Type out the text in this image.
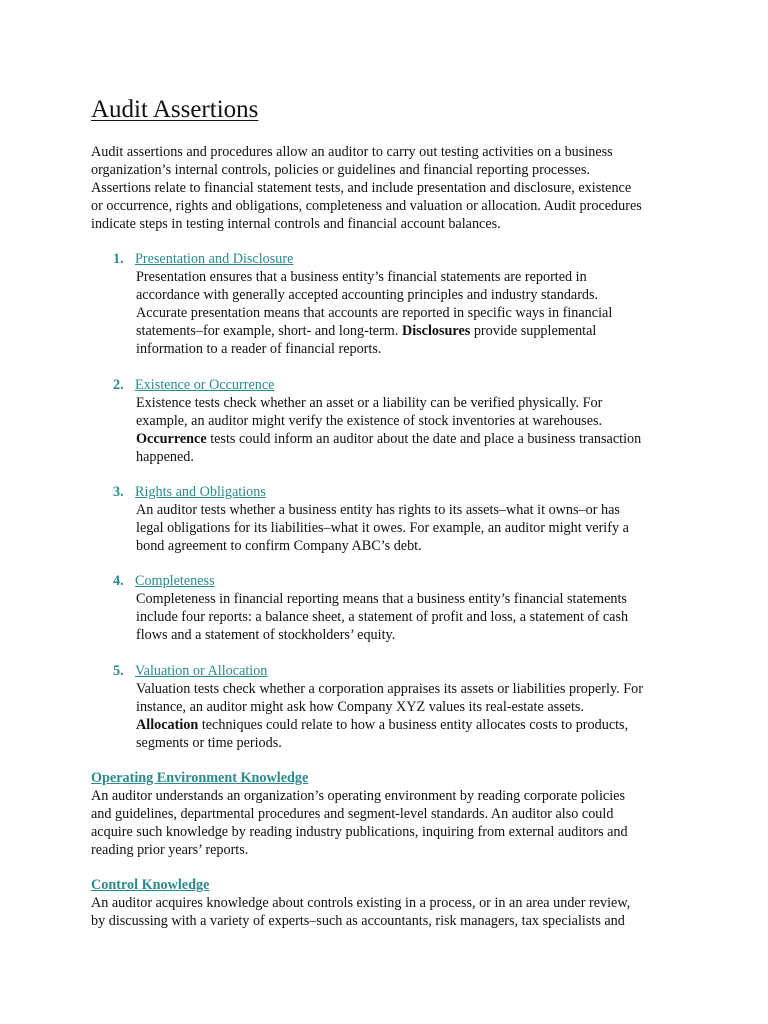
Audit Assertions
Audit assertions and procedures allow an auditor to carry out testing activities on a business
organization’s internal controls, policies or guidelines and financial reporting processes.
Assertions relate to financial statement tests, and include presentation and disclosure, existence
or occurrence, rights and obligations, completeness and valuation or allocation. Audit procedures
indicate steps in testing internal controls and financial account balances.
1. Presentation and Disclosure
Presentation ensures that a business entity’s financial statements are reported in
accordance with generally accepted accounting principles and industry standards.
Accurate presentation means that accounts are reported in specific ways in financial
statements–for example, short- and long-term. Disclosures provide supplemental
information to a reader of financial reports.
2. Existence or Occurrence
Existence tests check whether an asset or a liability can be verified physically. For
example, an auditor might verify the existence of stock inventories at warehouses.
Occurrence tests could inform an auditor about the date and place a business transaction
happened.
3. Rights and Obligations
An auditor tests whether a business entity has rights to its assets–what it owns–or has
legal obligations for its liabilities–what it owes. For example, an auditor might verify a
bond agreement to confirm Company ABC’s debt.
4. Completeness
Completeness in financial reporting means that a business entity’s financial statements
include four reports: a balance sheet, a statement of profit and loss, a statement of cash
flows and a statement of stockholders’ equity.
5. Valuation or Allocation
Valuation tests check whether a corporation appraises its assets or liabilities properly. For
instance, an auditor might ask how Company XYZ values its real-estate assets.
Allocation techniques could relate to how a business entity allocates costs to products,
segments or time periods.
Operating Environment Knowledge
An auditor understands an organization’s operating environment by reading corporate policies
and guidelines, departmental procedures and segment-level standards. An auditor also could
acquire such knowledge by reading industry publications, inquiring from external auditors and
reading prior years’ reports.
Control Knowledge
An auditor acquires knowledge about controls existing in a process, or in an area under review,
by discussing with a variety of experts–such as accountants, risk managers, tax specialists and
